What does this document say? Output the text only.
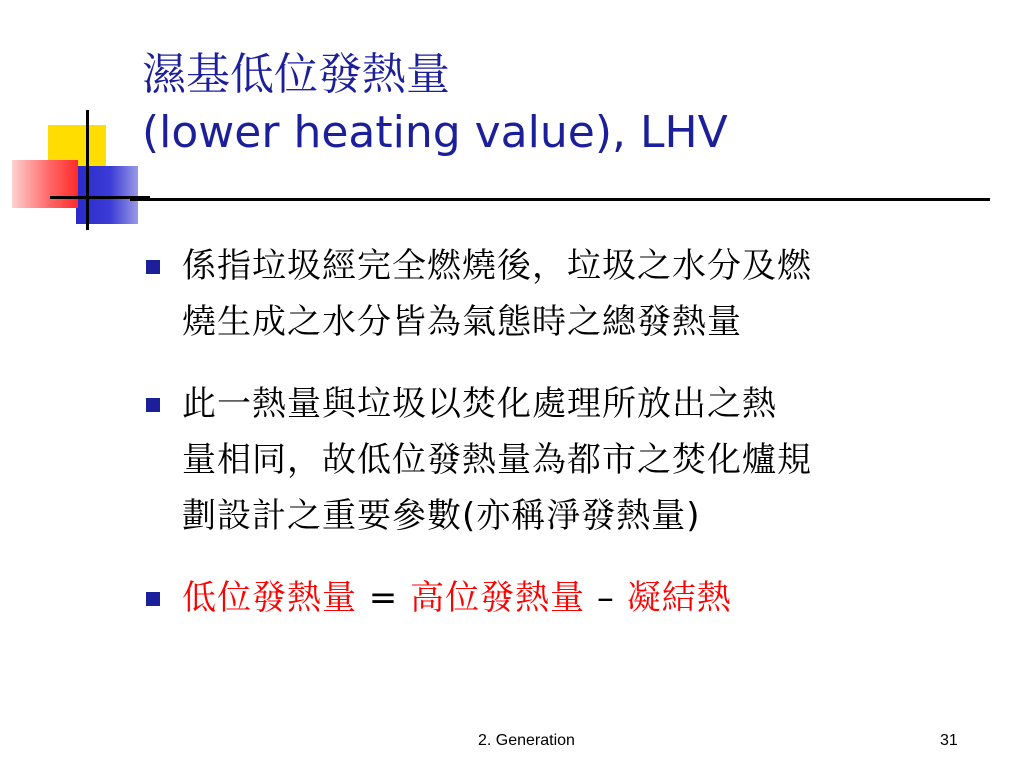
濕基低位發熱量
(lower heating value), LHV
係指垃圾經完全燃燒後，垃圾之水分及燃
燒生成之水分皆為氣態時之總發熱量
此一熱量與垃圾以焚化處理所放出之熱
量相同，故低位發熱量為都市之焚化爐規
劃設計之重要參數(亦稱淨發熱量)
低位發熱量 = 高位發熱量 – 凝結熱
2. Generation	31
